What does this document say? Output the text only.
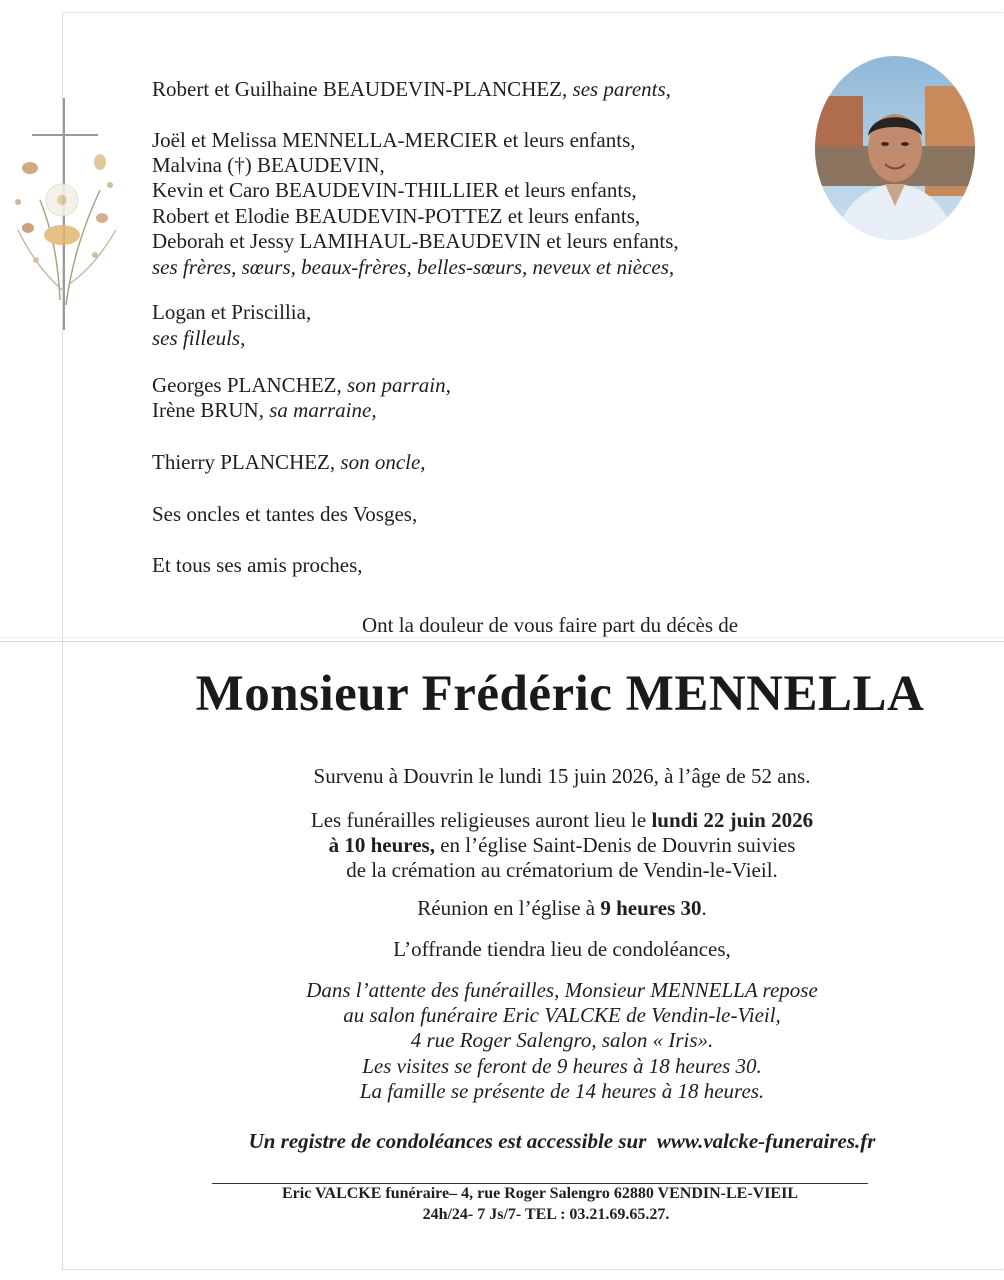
Robert et Guilhaine BEAUDEVIN-PLANCHEZ, ses parents,
Joël et Melissa MENNELLA-MERCIER et leurs enfants,
Malvina (†) BEAUDEVIN,
Kevin et Caro BEAUDEVIN-THILLIER et leurs enfants,
Robert et Elodie BEAUDEVIN-POTTEZ et leurs enfants,
Deborah et Jessy LAMIHAUL-BEAUDEVIN et leurs enfants,
ses frères, sœurs, beaux-frères, belles-sœurs, neveux et nièces,
Logan et Priscillia,
ses filleuls,
Georges PLANCHEZ, son parrain,
Irène BRUN, sa marraine,
Thierry PLANCHEZ, son oncle,
Ses oncles et tantes des Vosges,
Et tous ses amis proches,
Ont la douleur de vous faire part du décès de
Monsieur Frédéric MENNELLA
Survenu à Douvrin le lundi 15 juin 2026, à l’âge de 52 ans.
Les funérailles religieuses auront lieu le lundi 22 juin 2026
à 10 heures, en l’église Saint-Denis de Douvrin suivies
de la crémation au crématorium de Vendin-le-Vieil.
Réunion en l’église à 9 heures 30.
L’offrande tiendra lieu de condoléances,
Dans l’attente des funérailles, Monsieur MENNELLA repose
au salon funéraire Eric VALCKE de Vendin-le-Vieil,
4 rue Roger Salengro, salon « Iris».
Les visites se feront de 9 heures à 18 heures 30.
La famille se présente de 14 heures à 18 heures.
Un registre de condoléances est accessible sur  www.valcke-funeraires.fr
Eric VALCKE funéraire– 4, rue Roger Salengro 62880 VENDIN-LE-VIEIL
24h/24- 7 Js/7- TEL : 03.21.69.65.27.
